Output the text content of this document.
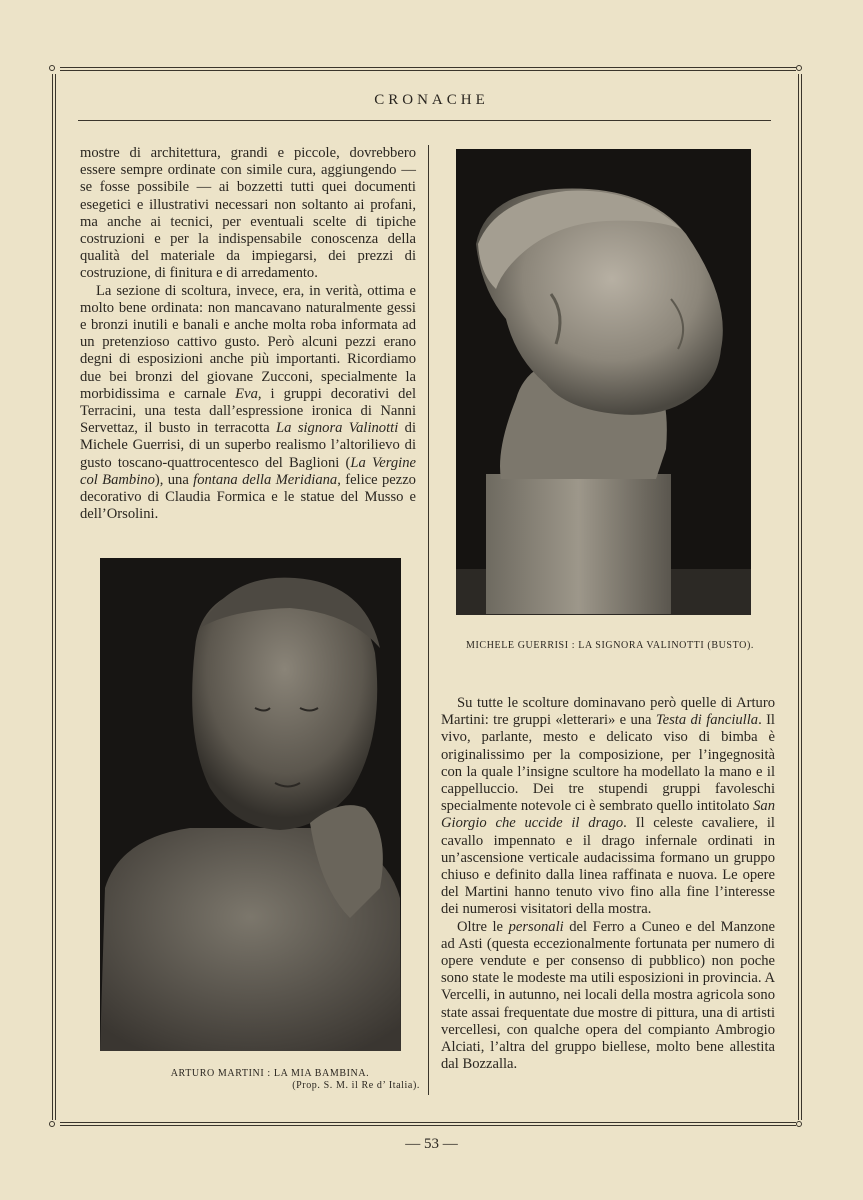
CRONACHE

mostre di architettura, grandi e piccole, dovrebbero essere sempre ordinate con simile cura, aggiungendo — se fosse possibile — ai bozzetti tutti quei documenti esegetici e illustrativi necessari non soltanto ai profani, ma anche ai tecnici, per eventuali scelte di tipiche costruzioni e per la indispensabile conoscenza della qualità del materiale da impiegarsi, dei prezzi di costruzione, di finitura e di arredamento.

La sezione di scoltura, invece, era, in verità, ottima e molto bene ordinata: non mancavano naturalmente gessi e bronzi inutili e banali e anche molta roba informata ad un pretenzioso cattivo gusto. Però alcuni pezzi erano degni di esposizioni anche più importanti. Ricordiamo due bei bronzi del giovane Zucconi, specialmente la morbidissima e carnale Eva, i gruppi decorativi del Terracini, una testa dall’espressione ironica di Nanni Servettaz, il busto in terracotta La signora Valinotti di Michele Guerrisi, di un superbo realismo l’altorilievo di gusto toscano-quattrocentesco del Baglioni (La Vergine col Bambino), una fontana della Meridiana, felice pezzo decorativo di Claudia Formica e le statue del Musso e dell’Orsolini.

MICHELE GUERRISI : LA SIGNORA VALINOTTI (BUSTO).
ARTURO MARTINI : LA MIA BAMBINA.
(Prop. S. M. il Re d’ Italia).

Su tutte le scolture dominavano però quelle di Arturo Martini: tre gruppi «letterari» e una Testa di fanciulla. Il vivo, parlante, mesto e delicato viso di bimba è originalissimo per la composizione, per l’ingegnosità con la quale l’insigne scultore ha modellato la mano e il cappelluccio. Dei tre stupendi gruppi favoleschi specialmente notevole ci è sembrato quello intitolato San Giorgio che uccide il drago. Il celeste cavaliere, il cavallo impennato e il drago infernale ordinati in un’ascensione verticale audacissima formano un gruppo chiuso e definito dalla linea raffinata e nuova. Le opere del Martini hanno tenuto vivo fino alla fine l’interesse dei numerosi visitatori della mostra.

Oltre le personali del Ferro a Cuneo e del Manzone ad Asti (questa eccezionalmente fortunata per numero di opere vendute e per consenso di pubblico) non poche sono state le modeste ma utili esposizioni in provincia. A Vercelli, in autunno, nei locali della mostra agricola sono state assai frequentate due mostre di pittura, una di artisti vercellesi, con qualche opera del compianto Ambrogio Alciati, l’altra del gruppo biellese, molto bene allestita dal Bozzalla.

— 53 —
